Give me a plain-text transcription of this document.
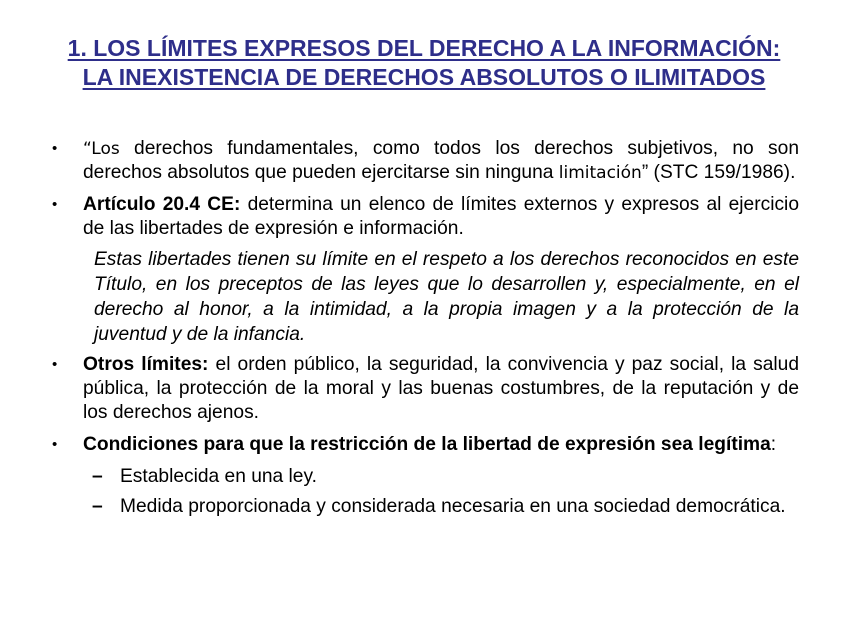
1. LOS LÍMITES EXPRESOS DEL DERECHO A LA INFORMACIÓN: LA INEXISTENCIA DE DERECHOS ABSOLUTOS O ILIMITADOS
• “Los derechos fundamentales, como todos los derechos subjetivos, no son derechos absolutos que pueden ejercitarse sin ninguna limitación” (STC 159/1986).
• Artículo 20.4 CE: determina un elenco de límites externos y expresos al ejercicio de las libertades de expresión e información.
Estas libertades tienen su límite en el respeto a los derechos reconocidos en este Título, en los preceptos de las leyes que lo desarrollen y, especialmente, en el derecho al honor, a la intimidad, a la propia imagen y a la protección de la juventud y de la infancia.
• Otros límites: el orden público, la seguridad, la convivencia y paz social, la salud pública, la protección de la moral y las buenas costumbres, de la reputación y de los derechos ajenos.
• Condiciones para que la restricción de la libertad de expresión sea legítima:
– Establecida en una ley.
– Medida proporcionada y considerada necesaria en una sociedad democrática.
